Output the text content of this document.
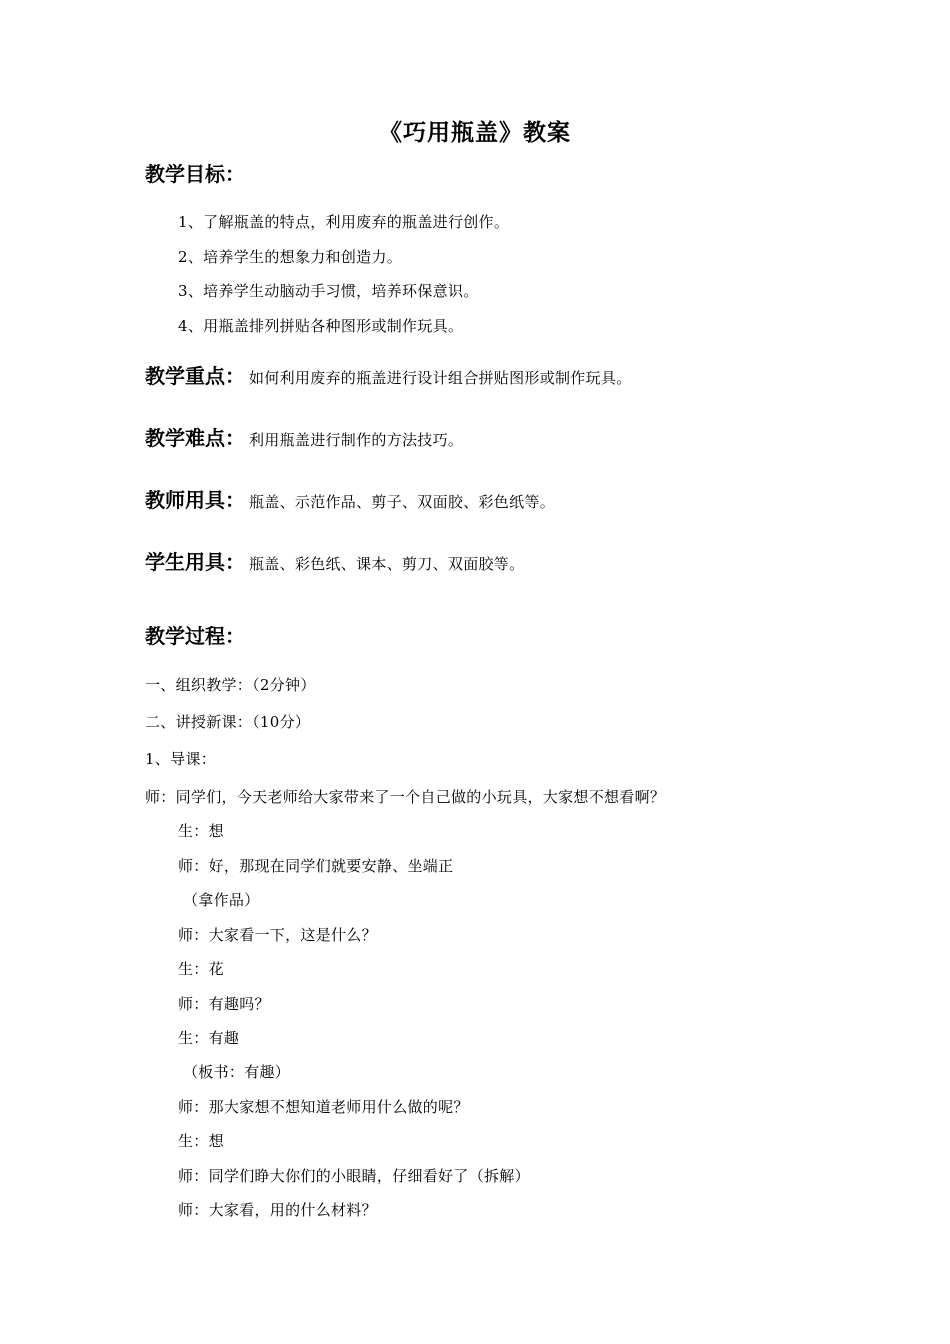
《巧用瓶盖》教案
教学目标：
1、了解瓶盖的特点，利用废弃的瓶盖进行创作。
2、培养学生的想象力和创造力。
3、培养学生动脑动手习惯，培养环保意识。
4、用瓶盖排列拼贴各种图形或制作玩具。
教学重点： 如何利用废弃的瓶盖进行设计组合拼贴图形或制作玩具。
教学难点： 利用瓶盖进行制作的方法技巧。
教师用具： 瓶盖、示范作品、剪子、双面胶、彩色纸等。
学生用具： 瓶盖、彩色纸、课本、剪刀、双面胶等。
教学过程：
一、组织教学：（2分钟）
二、讲授新课：（10分）
1、导课：
师：同学们，今天老师给大家带来了一个自己做的小玩具，大家想不想看啊？
生：想
师：好，那现在同学们就要安静、坐端正
（拿作品）
师：大家看一下，这是什么？
生：花
师：有趣吗？
生：有趣
（板书：有趣）
师：那大家想不想知道老师用什么做的呢？
生：想
师：同学们睁大你们的小眼睛，仔细看好了（拆解）
师：大家看，用的什么材料？
